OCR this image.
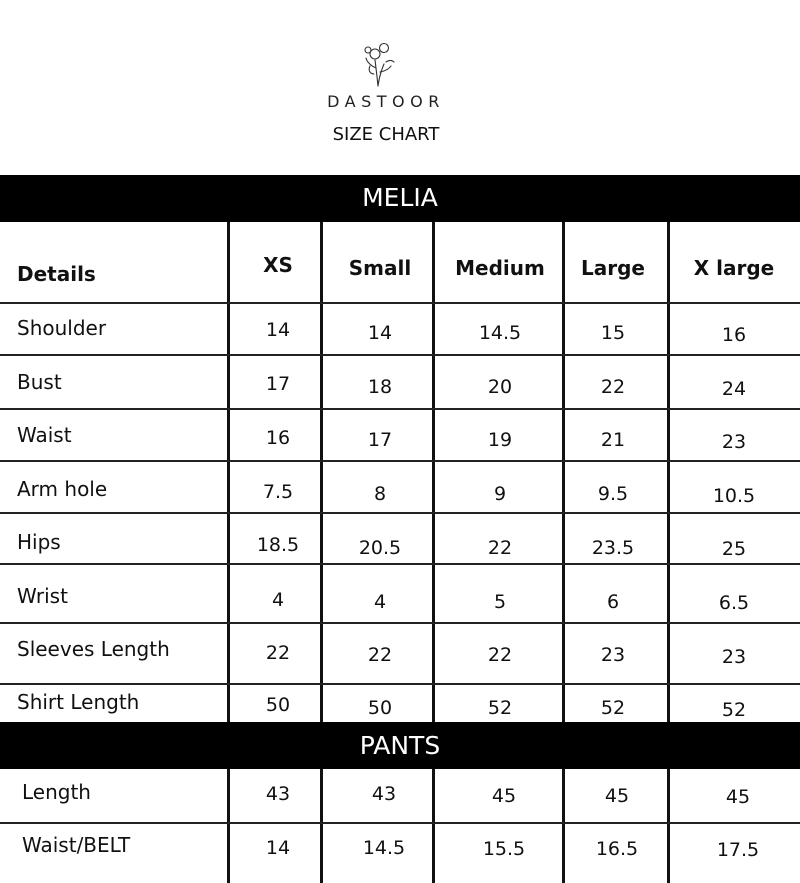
DASTOOR
SIZE CHART
MELIA
PANTS
Details	XS	Small	Medium	Large	X large
Shoulder	14	14	14.5	15	16
Bust	17	18	20	22	24
Waist	16	17	19	21	23
Arm hole	7.5	8	9	9.5	10.5
Hips	18.5	20.5	22	23.5	25
Wrist	4	4	5	6	6.5
Sleeves Length	22	22	22	23	23
Shirt Length	50	50	52	52	52
Length	43	43	45	45	45
Waist/BELT	14	14.5	15.5	16.5	17.5
